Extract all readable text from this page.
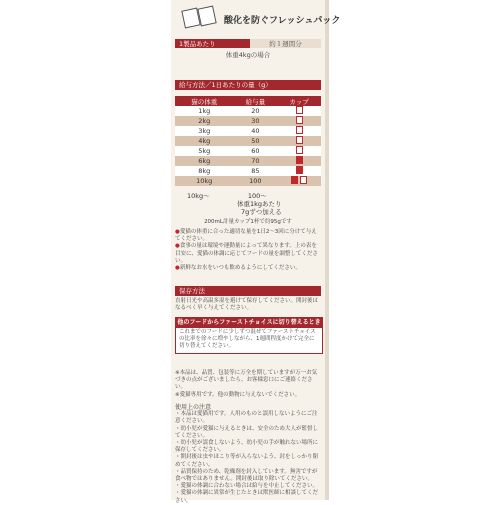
酸化を防ぐフレッシュパック
1製品あたり	約１週間分
体重4kgの場合
給与方法／1日あたりの量（g）
猫の体重	給与量	カップ
1kg	20	
2kg	30	
3kg	40	
4kg	50	
5kg	60	
6kg	70	
8kg	85	
10kg	100	
10kg〜	100〜
体重1kgあたり
7gずつ加える
200mL計量カップ1杯で約95gです

●愛猫の体重に合った適切な量を1日2〜3回に分けて与えてください。

●食事の量は環境や運動量によって異なります。上の表を目安に、愛猫の体調に応じてフードの量を調整してください。

●新鮮なお水をいつも飲めるようにしてください。

保存方法
直射日光や高温多湿を避けて保存してください。開封後はなるべく早く与えてください。
他のフードからファーストチョイスに切り替えるとき
これまでのフードに少しずつ混ぜてファーストチョイスの比率を徐々に増やしながら、1週間程度かけて完全に切り替えてください。

※本品は、品質、包装等に万全を期していますが万一お気づきの点がございましたら、お客様窓口にご連絡ください。

※愛猫専用です。他の動物に与えないでください。

使用上の注意

・本品は愛猫用です。人用のものと誤用しないようにご注意ください。

・幼小児が愛猫に与えるときは、安全のため大人が監督してください。

・幼小児が誤食しないよう、幼小児の手が触れない場所に保存してください。

・開封後は虫やほこり等が入らないよう、封をしっかり閉めてください。

・品質保持のため、乾燥剤を封入しています。無害ですが食べ物ではありません。開封後は取り除いてください。

・愛猫の体調に合わない場合は給与を中止してください。

・愛猫の体調に異常が生じたときは獣医師に相談してください。
